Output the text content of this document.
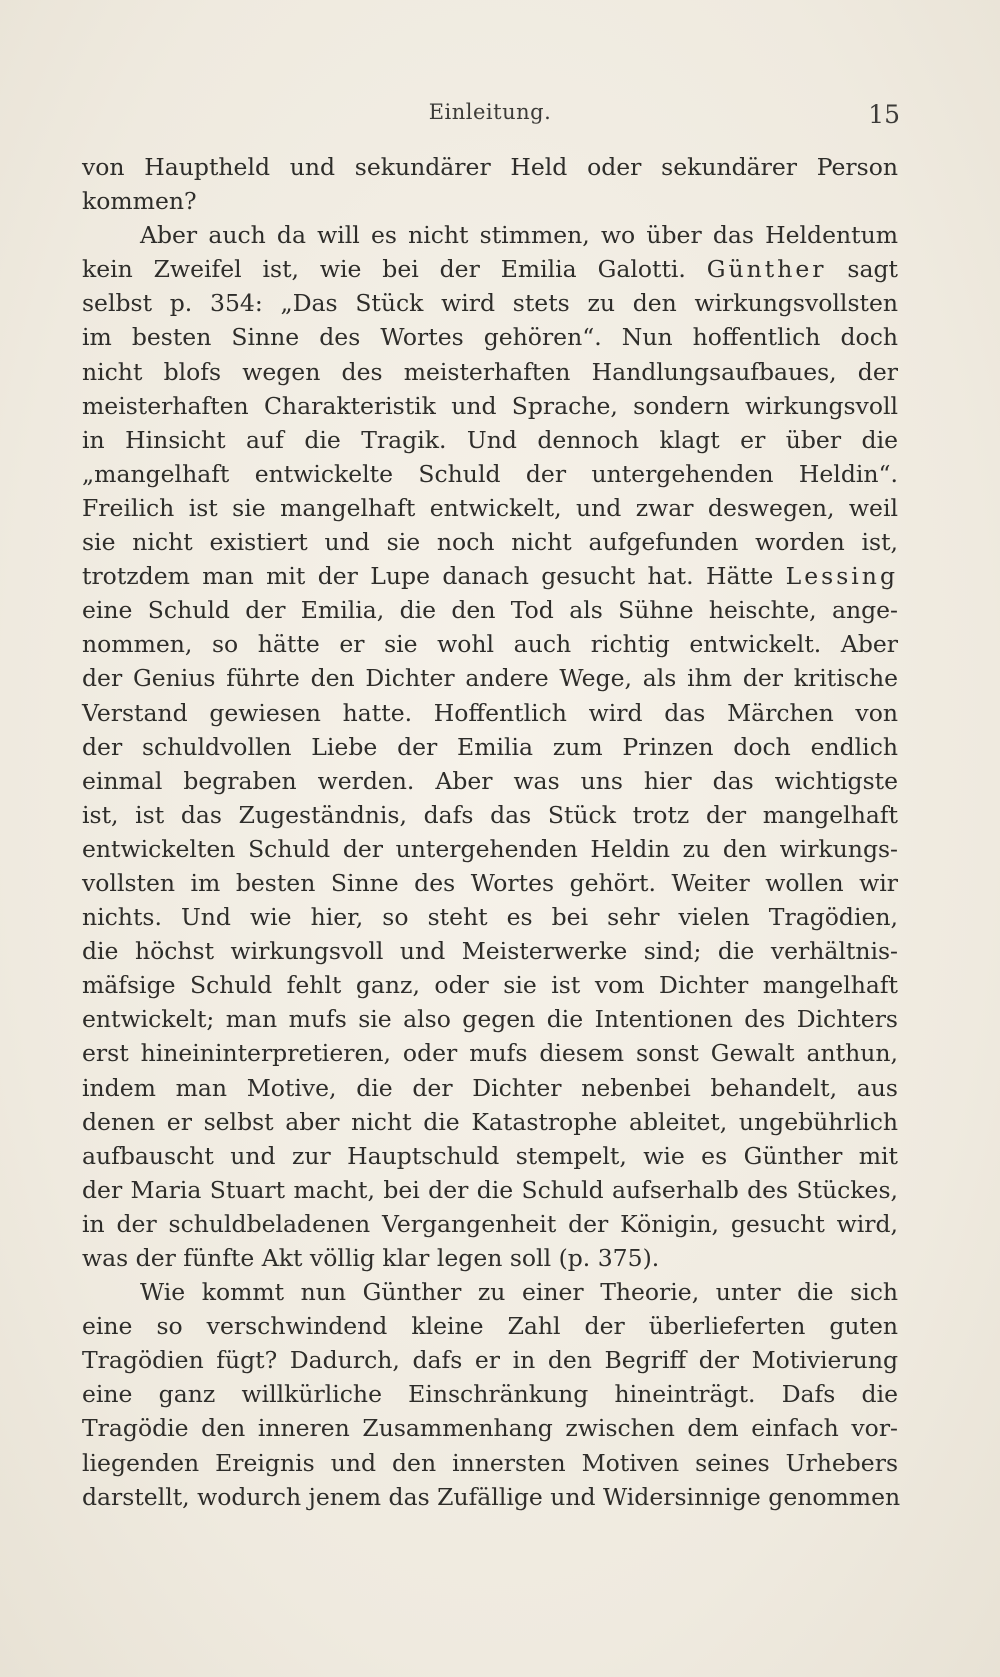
Einleitung.	15
von Hauptheld und sekundärer Held oder sekundärer Person
kommen?
Aber auch da will es nicht stimmen, wo über das Heldentum
kein Zweifel ist, wie bei der Emilia Galotti. Günther sagt
selbst p. 354: „Das Stück wird stets zu den wirkungsvollsten
im besten Sinne des Wortes gehören“. Nun hoffentlich doch
nicht blofs wegen des meisterhaften Handlungsaufbaues, der
meisterhaften Charakteristik und Sprache, sondern wirkungsvoll
in Hinsicht auf die Tragik. Und dennoch klagt er über die
„mangelhaft entwickelte Schuld der untergehenden Heldin“.
Freilich ist sie mangelhaft entwickelt, und zwar deswegen, weil
sie nicht existiert und sie noch nicht aufgefunden worden ist,
trotzdem man mit der Lupe danach gesucht hat. Hätte Lessing
eine Schuld der Emilia, die den Tod als Sühne heischte, ange-
nommen, so hätte er sie wohl auch richtig entwickelt. Aber
der Genius führte den Dichter andere Wege, als ihm der kritische
Verstand gewiesen hatte. Hoffentlich wird das Märchen von
der schuldvollen Liebe der Emilia zum Prinzen doch endlich
einmal begraben werden. Aber was uns hier das wichtigste
ist, ist das Zugeständnis, dafs das Stück trotz der mangelhaft
entwickelten Schuld der untergehenden Heldin zu den wirkungs-
vollsten im besten Sinne des Wortes gehört. Weiter wollen wir
nichts. Und wie hier, so steht es bei sehr vielen Tragödien,
die höchst wirkungsvoll und Meisterwerke sind; die verhältnis-
mäfsige Schuld fehlt ganz, oder sie ist vom Dichter mangelhaft
entwickelt; man mufs sie also gegen die Intentionen des Dichters
erst hineininterpretieren, oder mufs diesem sonst Gewalt anthun,
indem man Motive, die der Dichter nebenbei behandelt, aus
denen er selbst aber nicht die Katastrophe ableitet, ungebührlich
aufbauscht und zur Hauptschuld stempelt, wie es Günther mit
der Maria Stuart macht, bei der die Schuld aufserhalb des Stückes,
in der schuldbeladenen Vergangenheit der Königin, gesucht wird,
was der fünfte Akt völlig klar legen soll (p. 375).
Wie kommt nun Günther zu einer Theorie, unter die sich
eine so verschwindend kleine Zahl der überlieferten guten
Tragödien fügt? Dadurch, dafs er in den Begriff der Motivierung
eine ganz willkürliche Einschränkung hineinträgt. Dafs die
Tragödie den inneren Zusammenhang zwischen dem einfach vor-
liegenden Ereignis und den innersten Motiven seines Urhebers
darstellt, wodurch jenem das Zufällige und Widersinnige genommen
